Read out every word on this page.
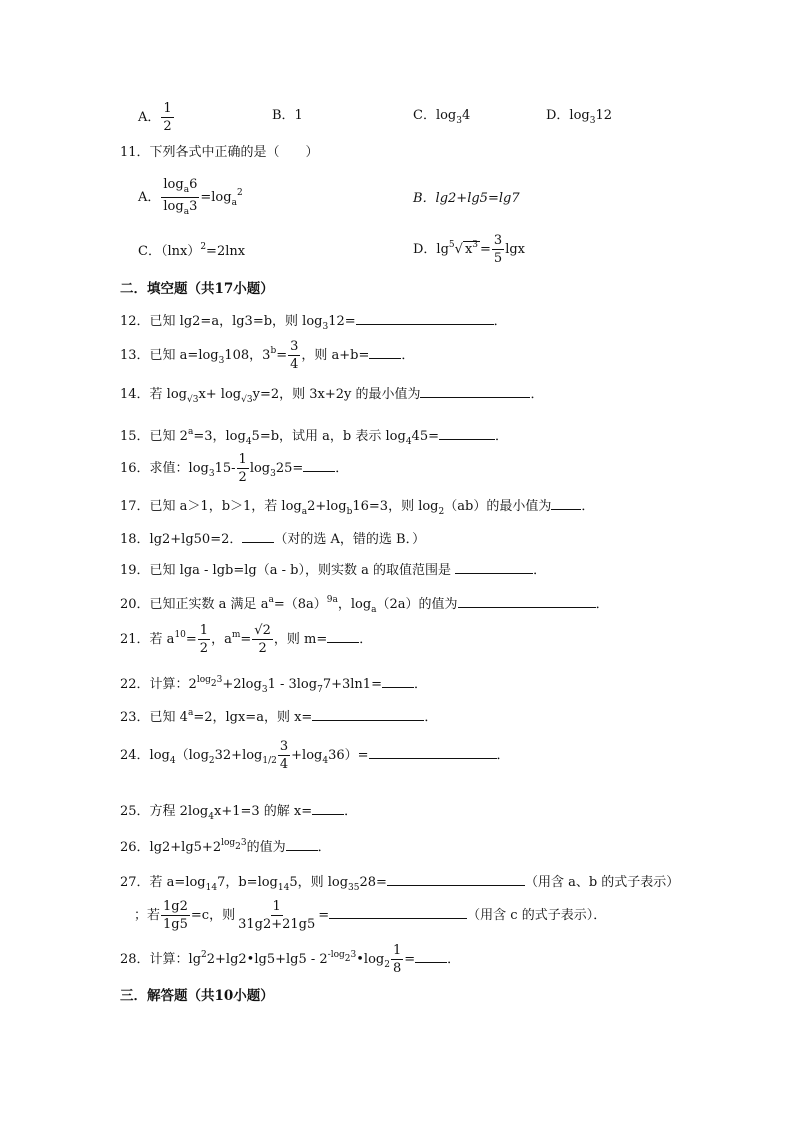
A． $\frac{1}{2}$	B．1	C．$\log_34$	D．$\log_312$
11．下列各式中正确的是（　　）
A． $\frac{\log_a6}{\log_a3} =\log_a^2$	B．lg2+lg5=lg7
C．$(\ln x)^2=2\ln x$	D．$\lg^5√$ $x^3 = \frac{3}{5}$ lgx
二．填空题（共17小题）
12．已知 lg2=a，lg3=b，则 $\log_312=$	．
13．已知 $a=\log_3108$，$3^b= \frac{3}{4}$ ，则 a+b= ．
14．若 $\log_{√3}x+ \log_{√3}y=2$，则 3x+2y 的最小值为	．
15．已知 $2^a=3$，$\log_45=b$，试用 a，b 表示 $\log_445=$	．
16．求值：$\log_315- \frac{1}{2} \log_325=$ ．
17．已知 a＞1，b＞1，若 $\log_a2+\log_b16=3$，则 $\log_2(ab)$的最小值为 ．
18．lg2+lg50=2． （对的选 A，错的选 B．）
19．已知 lga - lgb=lg（a - b），则实数 a 的取值范围是	．
20．已知正实数 a 满足 $a^a=(8a)^{9a}$，$\log_a(2a)$的值为	．
21．若 $a^{10}= \frac{1}{2}$ ，$a^m= \frac{√2}{2}$ ，则 m= ．
22．计算：$2^{log_23}+2\log_31 - 3\log_77+3\ln 1=$ ．
23．已知 $4^a=2$，lgx=a，则 x=	．
24．$\log_4(\log_232+\log_{1/2} \frac{3}{4} +\log_436)=$	．
25．方程 $2\log_4x+1=3$ 的解 x= ．
26．$\lg 2+\lg 5+2^{log_23}$的值为 ．
27．若 $a=\log_{14}7$，$b=\log_{14}5$，则 $\log_{35}28=$	（用含 a、b 的式子表示）
；若 $\frac{1g2}{1g5} =c$，则 $\frac{1}{31g2+21g5}$ =	（用含 c 的式子表示）．
28．计算：$\lg^22+\lg 2•\lg 5+\lg 5$ - $2^{-log_23}•\log_2 \frac{1}{8}$ = ．
三．解答题（共10小题）
